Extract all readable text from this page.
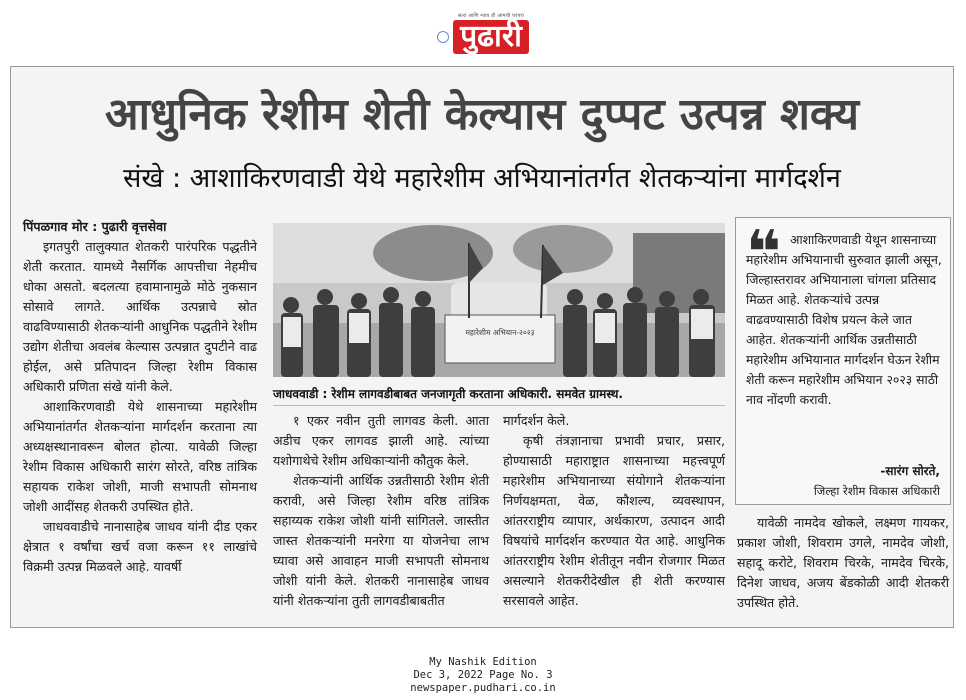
सत्य आणि न्याय ही आमची परंपरा
पुढारी
आधुनिक रेशीम शेती केल्यास दुप्पट उत्पन्न शक्य
संखे : आशाकिरणवाडी येथे महारेशीम अभियानांतर्गत शेतकऱ्यांना मार्गदर्शन
पिंपळगाव मोर : पुढारी वृत्तसेवा

इगतपुरी तालुक्यात शेतकरी पारंपरिक पद्धतीने शेती करतात. यामध्ये नैसर्गिक आपत्तीचा नेहमीच धोका असतो. बदलत्या हवामानामुळे मोठे नुकसान सोसावे लागते. आर्थिक उत्पन्नाचे स्रोत वाढविण्यासाठी शेतकऱ्यांनी आधुनिक पद्धतीने रेशीम उद्योग शेतीचा अवलंब केल्यास उत्पन्नात दुपटीने वाढ होईल, असे प्रतिपादन जिल्हा रेशीम विकास अधिकारी प्रणिता संखे यांनी केले.

आशाकिरणवाडी येथे शासनाच्या महारेशीम अभियानांतर्गत शेतकऱ्यांना मार्गदर्शन करताना त्या अध्यक्षस्थानावरून बोलत होत्या. यावेळी जिल्हा रेशीम विकास अधिकारी सारंग सोरते, वरिष्ठ तांत्रिक सहायक राकेश जोशी, माजी सभापती सोमनाथ जोशी आदींसह शेतकरी उपस्थित होते.

जाधववाडीचे नानासाहेब जाधव यांनी दीड एकर क्षेत्रात १ वर्षांचा खर्च वजा करून ११ लाखांचे विक्रमी उत्पन्न मिळवले आहे. यावर्षी

महारेशीम अभियान-२०२३
जाधववाडी : रेशीम लागवडीबाबत जनजागृती करताना अधिकारी. समवेत ग्रामस्थ.

१ एकर नवीन तुती लागवड केली. आता अडीच एकर लागवड झाली आहे. त्यांच्या यशोगाथेचे रेशीम अधिकाऱ्यांनी कौतुक केले.

शेतकऱ्यांनी आर्थिक उन्नतीसाठी रेशीम शेती करावी, असे जिल्हा रेशीम वरिष्ठ तांत्रिक सहाय्यक राकेश जोशी यांनी सांगितले. जास्तीत जास्त शेतकऱ्यांनी मनरेगा या योजनेचा लाभ घ्यावा असे आवाहन माजी सभापती सोमनाथ जोशी यांनी केले. शेतकरी नानासाहेब जाधव यांनी शेतकऱ्यांना तुती लागवडीबाबतीत

मार्गदर्शन केले.

कृषी तंत्रज्ञानाचा प्रभावी प्रचार, प्रसार, होण्यासाठी महाराष्ट्रात शासनाच्या महत्त्वपूर्ण महारेशीम अभियानाच्या संयोगाने शेतकऱ्यांना निर्णयक्षमता, वेळ, कौशल्य, व्यवस्थापन, आंतरराष्ट्रीय व्यापार, अर्थकारण, उत्पादन आदी विषयांचे मार्गदर्शन करण्यात येत आहे. आधुनिक आंतरराष्ट्रीय रेशीम शेतीतून नवीन रोजगार मिळत असल्याने शेतकरीदेखील ही शेती करण्यास सरसावले आहेत.

❝ आशाकिरणवाडी येथून शासनाच्या महारेशीम अभियानाची सुरुवात झाली असून, जिल्हास्तरावर अभियानाला चांगला प्रतिसाद मिळत आहे. शेतकऱ्यांचे उत्पन्न वाढवण्यासाठी विशेष प्रयत्न केले जात आहेत. शेतकऱ्यांनी आर्थिक उन्नतीसाठी महारेशीम अभियानात मार्गदर्शन घेऊन रेशीम शेती करून महारेशीम अभियान २०२३ साठी नाव नोंदणी करावी.
-सारंग सोरते,
जिल्हा रेशीम विकास अधिकारी

यावेळी नामदेव खोकले, लक्ष्मण गायकर, प्रकाश जोशी, शिवराम उगले, नामदेव जोशी, सहादू करोटे, शिवराम चिरके, नामदेव चिरके, दिनेश जाधव, अजय बेंडकोळी आदी शेतकरी उपस्थित होते.

My Nashik Edition
Dec 3, 2022 Page No. 3
newspaper.pudhari.co.in
